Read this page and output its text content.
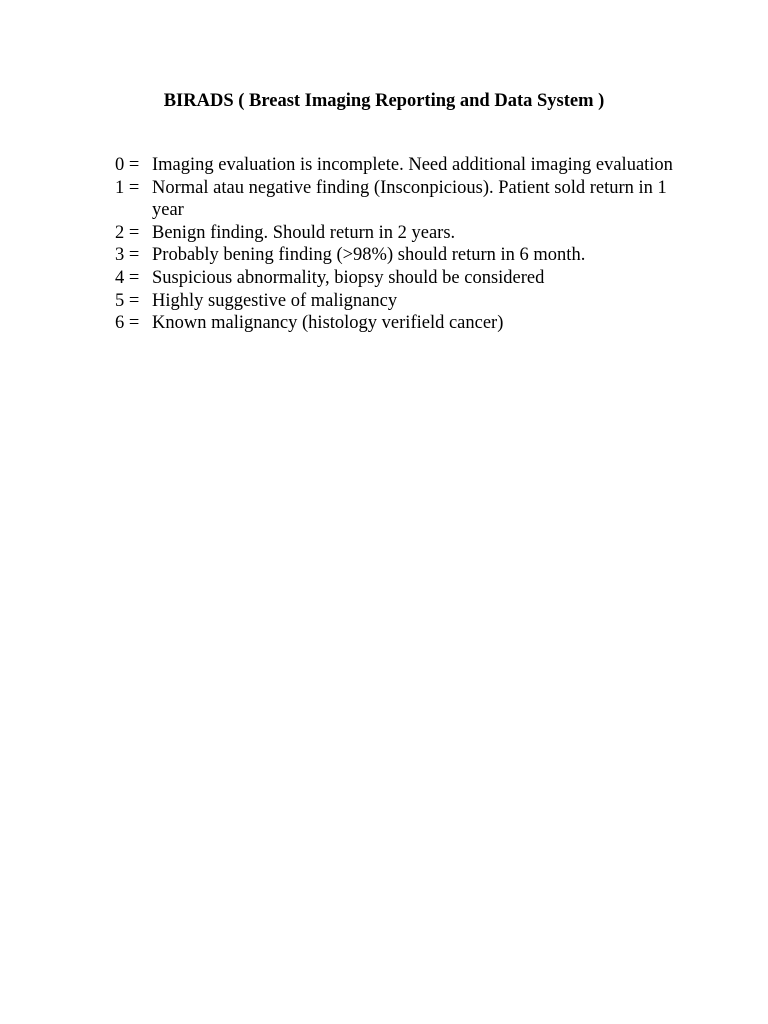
BIRADS ( Breast Imaging Reporting and Data System )
0 = Imaging evaluation is incomplete. Need additional imaging evaluation
1 = Normal atau negative finding (Insconpicious). Patient sold return in 1 year
2 = Benign finding. Should return in 2 years.
3 = Probably bening finding (>98%) should return in 6 month.
4 = Suspicious abnormality, biopsy should be considered
5 = Highly suggestive of malignancy
6 = Known malignancy (histology verifield cancer)
